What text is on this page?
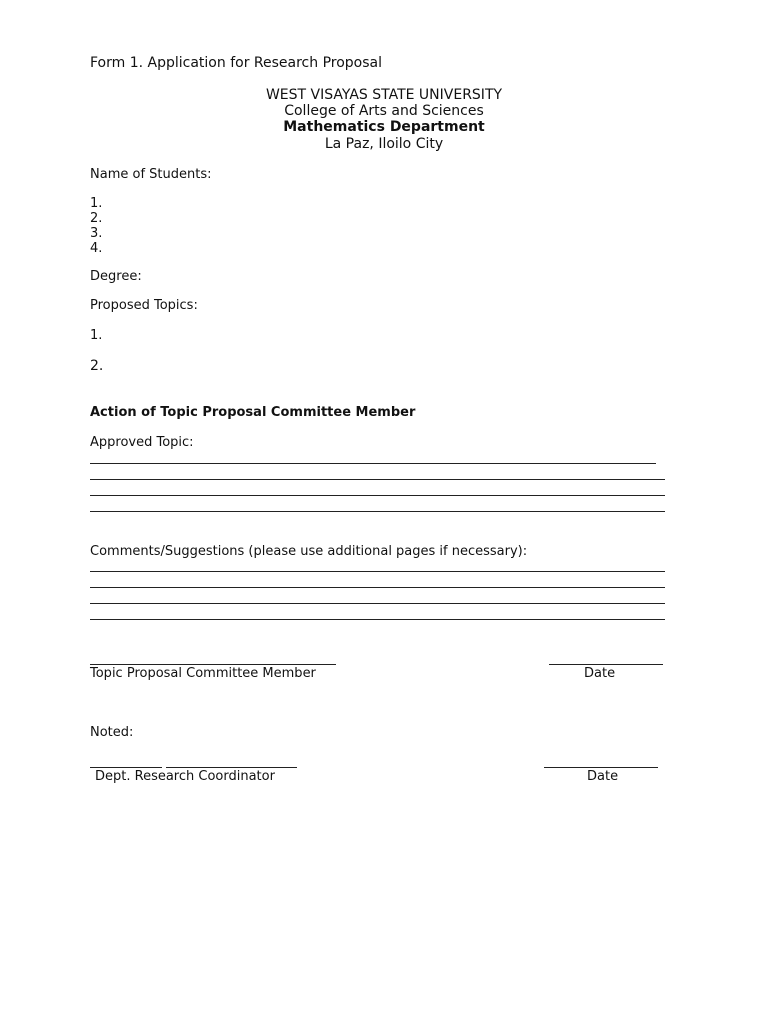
Form 1. Application for Research Proposal
WEST VISAYAS STATE UNIVERSITY
College of Arts and Sciences
Mathematics Department
La Paz, Iloilo City
Name of Students:
1.
2.
3.
4.
Degree:
Proposed Topics:
1.
2.
Action of Topic Proposal Committee Member
Approved Topic:
Comments/Suggestions (please use additional pages if necessary):
Topic Proposal Committee Member	Date
Noted:
Dept. Research Coordinator	Date
